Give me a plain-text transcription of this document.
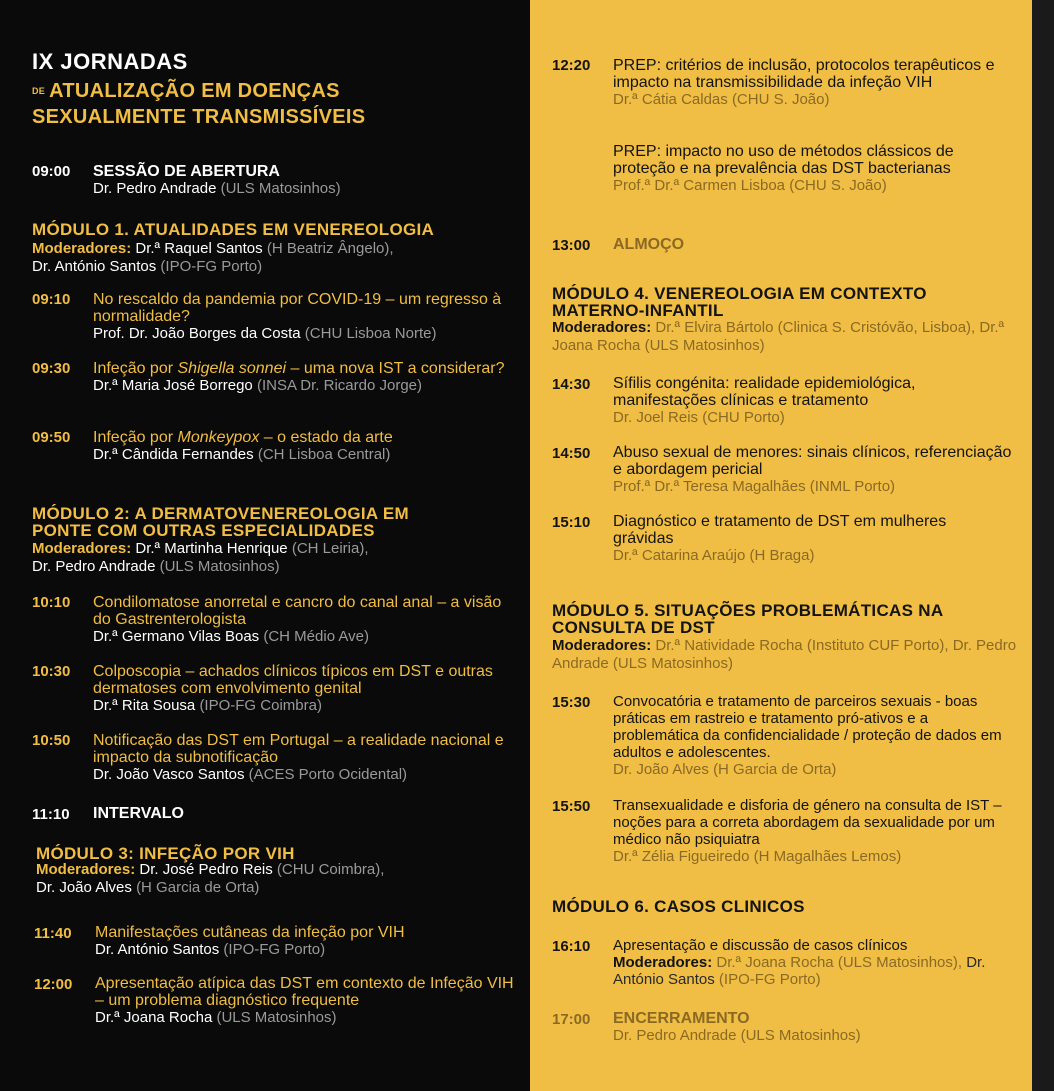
IX JORNADAS
DE ATUALIZAÇÃO EM DOENÇAS
SEXUALMENTE TRANSMISSÍVEIS
09:00 SESSÃO DE ABERTURA
Dr. Pedro Andrade (ULS Matosinhos)
MÓDULO 1. ATUALIDADES EM VENEREOLOGIA
Moderadores: Dr.ª Raquel Santos (H Beatriz Ângelo),
Dr. António Santos (IPO-FG Porto)
09:10 No rescaldo da pandemia por COVID-19 – um regresso à normalidade?
Prof. Dr. João Borges da Costa (CHU Lisboa Norte)
09:30 Infeção por Shigella sonnei – uma nova IST a considerar?
Dr.ª Maria José Borrego (INSA Dr. Ricardo Jorge)
09:50 Infeção por Monkeypox – o estado da arte
Dr.ª Cândida Fernandes (CH Lisboa Central)
MÓDULO 2: A DERMATOVENEREOLOGIA EM
PONTE COM OUTRAS ESPECIALIDADES
Moderadores: Dr.ª Martinha Henrique (CH Leiria),
Dr. Pedro Andrade (ULS Matosinhos)
10:10 Condilomatose anorretal e cancro do canal anal – a visão do Gastrenterologista
Dr.ª Germano Vilas Boas (CH Médio Ave)
10:30 Colposcopia – achados clínicos típicos em DST e outras dermatoses com envolvimento genital
Dr.ª Rita Sousa (IPO-FG Coimbra)
10:50 Notificação das DST em Portugal – a realidade nacional e impacto da subnotificação
Dr. João Vasco Santos (ACES Porto Ocidental)
11:10 INTERVALO
MÓDULO 3: INFEÇÃO POR VIH
Moderadores: Dr. José Pedro Reis (CHU Coimbra),
Dr. João Alves (H Garcia de Orta)
11:40 Manifestações cutâneas da infeção por VIH
Dr. António Santos (IPO-FG Porto)
12:00 Apresentação atípica das DST em contexto de Infeção VIH – um problema diagnóstico frequente
Dr.ª Joana Rocha (ULS Matosinhos)
12:20 PREP: critérios de inclusão, protocolos terapêuticos e impacto na transmissibilidade da infeção VIH
Dr.ª Cátia Caldas (CHU S. João)
PREP: impacto no uso de métodos clássicos de proteção e na prevalência das DST bacterianas
Prof.ª Dr.ª Carmen Lisboa (CHU S. João)
13:00 ALMOÇO
MÓDULO 4. VENEREOLOGIA EM CONTEXTO
MATERNO-INFANTIL
Moderadores: Dr.ª Elvira Bártolo (Clinica S. Cristóvão, Lisboa), Dr.ª Joana Rocha (ULS Matosinhos)
14:30 Sífilis congénita: realidade epidemiológica, manifestações clínicas e tratamento
Dr. Joel Reis (CHU Porto)
14:50 Abuso sexual de menores: sinais clínicos, referenciação e abordagem pericial
Prof.ª Dr.ª Teresa Magalhães (INML Porto)
15:10 Diagnóstico e tratamento de DST em mulheres grávidas
Dr.ª Catarina Araújo (H Braga)
MÓDULO 5. SITUAÇÕES PROBLEMÁTICAS NA
CONSULTA DE DST
Moderadores: Dr.ª Natividade Rocha (Instituto CUF Porto), Dr. Pedro Andrade (ULS Matosinhos)
15:30 Convocatória e tratamento de parceiros sexuais - boas práticas em rastreio e tratamento pró-ativos e a problemática da confidencialidade / proteção de dados em adultos e adolescentes.
Dr. João Alves (H Garcia de Orta)
15:50 Transexualidade e disforia de género na consulta de IST – noções para a correta abordagem da sexualidade por um médico não psiquiatra
Dr.ª Zélia Figueiredo (H Magalhães Lemos)
MÓDULO 6. CASOS CLINICOS
16:10 Apresentação e discussão de casos clínicos
Moderadores: Dr.ª Joana Rocha (ULS Matosinhos), Dr. António Santos (IPO-FG Porto)
17:00 ENCERRAMENTO
Dr. Pedro Andrade (ULS Matosinhos)
